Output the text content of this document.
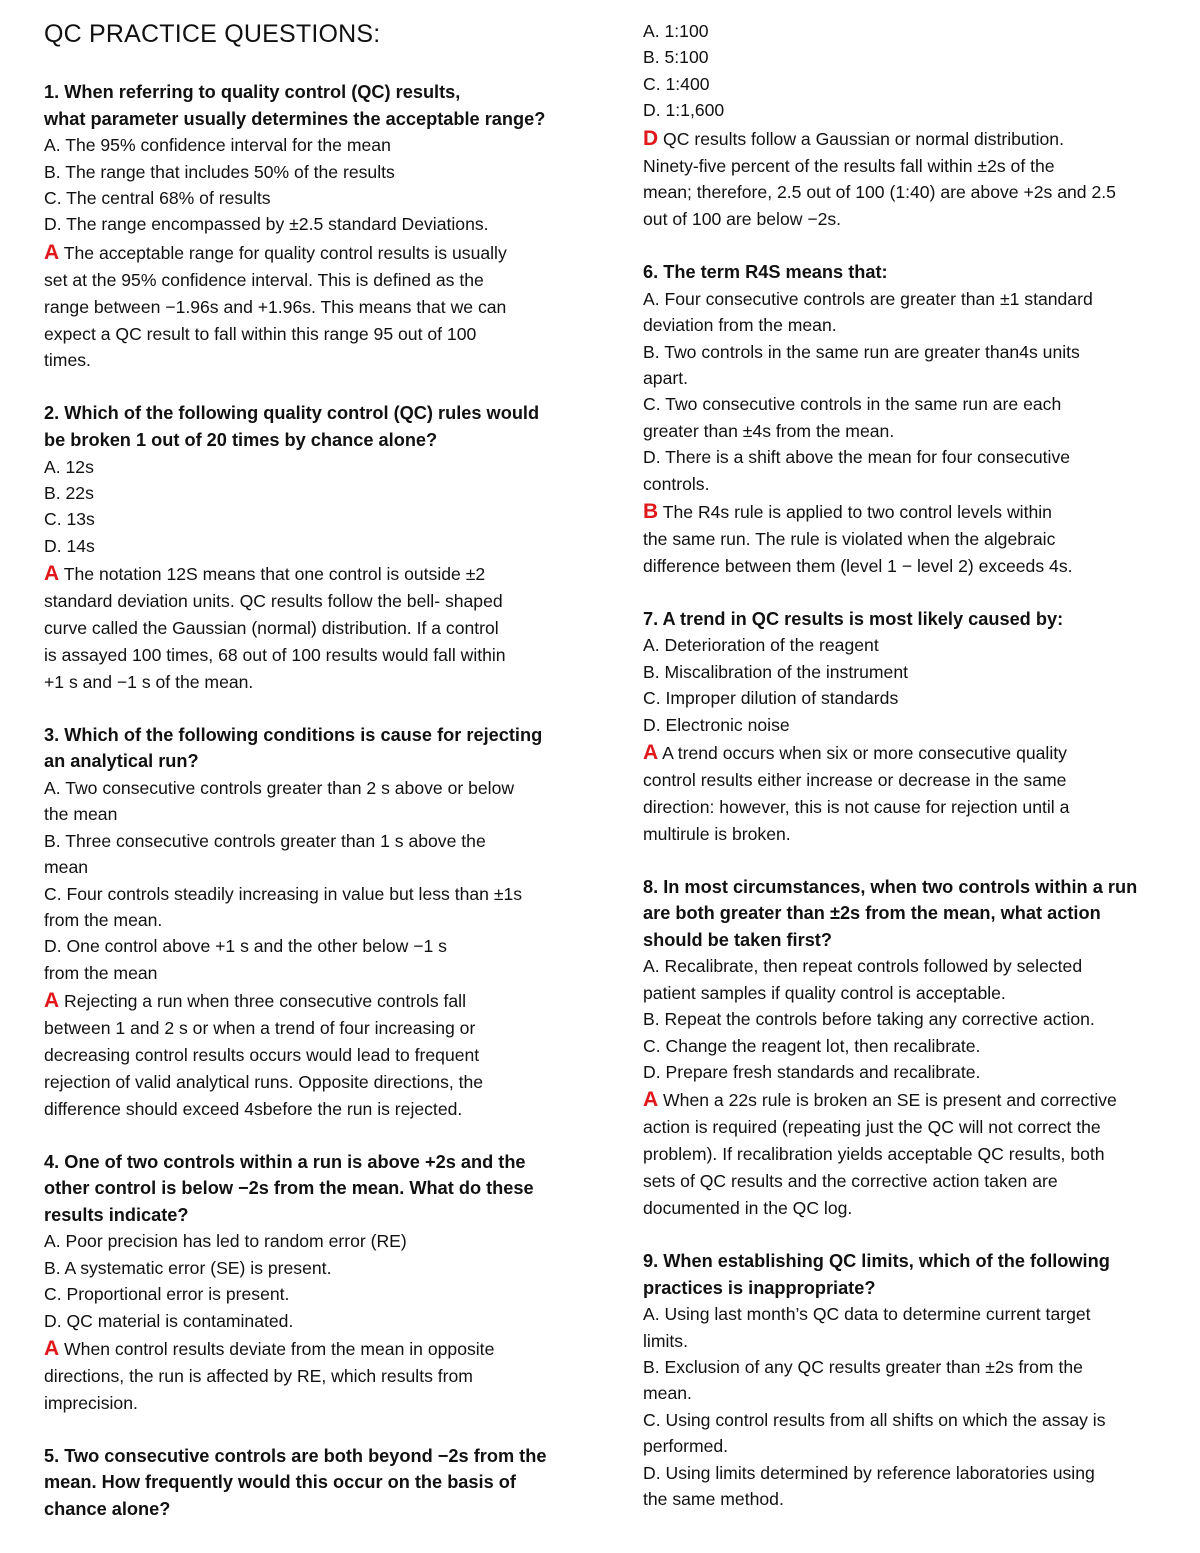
QC PRACTICE QUESTIONS:
1. When referring to quality control (QC) results,
what parameter usually determines the acceptable range?
A. The 95% confidence interval for the mean
B. The range that includes 50% of the results
C. The central 68% of results
D. The range encompassed by ±2.5 standard Deviations.
A The acceptable range for quality control results is usually
set at the 95% confidence interval. This is defined as the
range between −1.96s and +1.96s. This means that we can
expect a QC result to fall within this range 95 out of 100
times.
2. Which of the following quality control (QC) rules would
be broken 1 out of 20 times by chance alone?
A. 12s
B. 22s
C. 13s
D. 14s
A The notation 12S means that one control is outside ±2
standard deviation units. QC results follow the bell- shaped
curve called the Gaussian (normal) distribution. If a control
is assayed 100 times, 68 out of 100 results would fall within
+1 s and −1 s of the mean.
3. Which of the following conditions is cause for rejecting
an analytical run?
A. Two consecutive controls greater than 2 s above or below
the mean
B. Three consecutive controls greater than 1 s above the
mean
C. Four controls steadily increasing in value but less than ±1s
from the mean.
D. One control above +1 s and the other below −1 s
from the mean
A Rejecting a run when three consecutive controls fall
between 1 and 2 s or when a trend of four increasing or
decreasing control results occurs would lead to frequent
rejection of valid analytical runs. Opposite directions, the
difference should exceed 4sbefore the run is rejected.
4. One of two controls within a run is above +2s and the
other control is below −2s from the mean. What do these
results indicate?
A. Poor precision has led to random error (RE)
B. A systematic error (SE) is present.
C. Proportional error is present.
D. QC material is contaminated.
A When control results deviate from the mean in opposite
directions, the run is affected by RE, which results from
imprecision.
5. Two consecutive controls are both beyond −2s from the
mean. How frequently would this occur on the basis of
chance alone?
A. 1:100
B. 5:100
C. 1:400
D. 1:1,600
D QC results follow a Gaussian or normal distribution.
Ninety-five percent of the results fall within ±2s of the
mean; therefore, 2.5 out of 100 (1:40) are above +2s and 2.5
out of 100 are below −2s.
6. The term R4S means that:
A. Four consecutive controls are greater than ±1 standard
deviation from the mean.
B. Two controls in the same run are greater than4s units
apart.
C. Two consecutive controls in the same run are each
greater than ±4s from the mean.
D. There is a shift above the mean for four consecutive
controls.
B The R4s rule is applied to two control levels within
the same run. The rule is violated when the algebraic
difference between them (level 1 − level 2) exceeds 4s.
7. A trend in QC results is most likely caused by:
A. Deterioration of the reagent
B. Miscalibration of the instrument
C. Improper dilution of standards
D. Electronic noise
A A trend occurs when six or more consecutive quality
control results either increase or decrease in the same
direction: however, this is not cause for rejection until a
multirule is broken.
8. In most circumstances, when two controls within a run
are both greater than ±2s from the mean, what action
should be taken first?
A. Recalibrate, then repeat controls followed by selected
patient samples if quality control is acceptable.
B. Repeat the controls before taking any corrective action.
C. Change the reagent lot, then recalibrate.
D. Prepare fresh standards and recalibrate.
A When a 22s rule is broken an SE is present and corrective
action is required (repeating just the QC will not correct the
problem). If recalibration yields acceptable QC results, both
sets of QC results and the corrective action taken are
documented in the QC log.
9. When establishing QC limits, which of the following
practices is inappropriate?
A. Using last month’s QC data to determine current target
limits.
B. Exclusion of any QC results greater than ±2s from the
mean.
C. Using control results from all shifts on which the assay is
performed.
D. Using limits determined by reference laboratories using
the same method.
